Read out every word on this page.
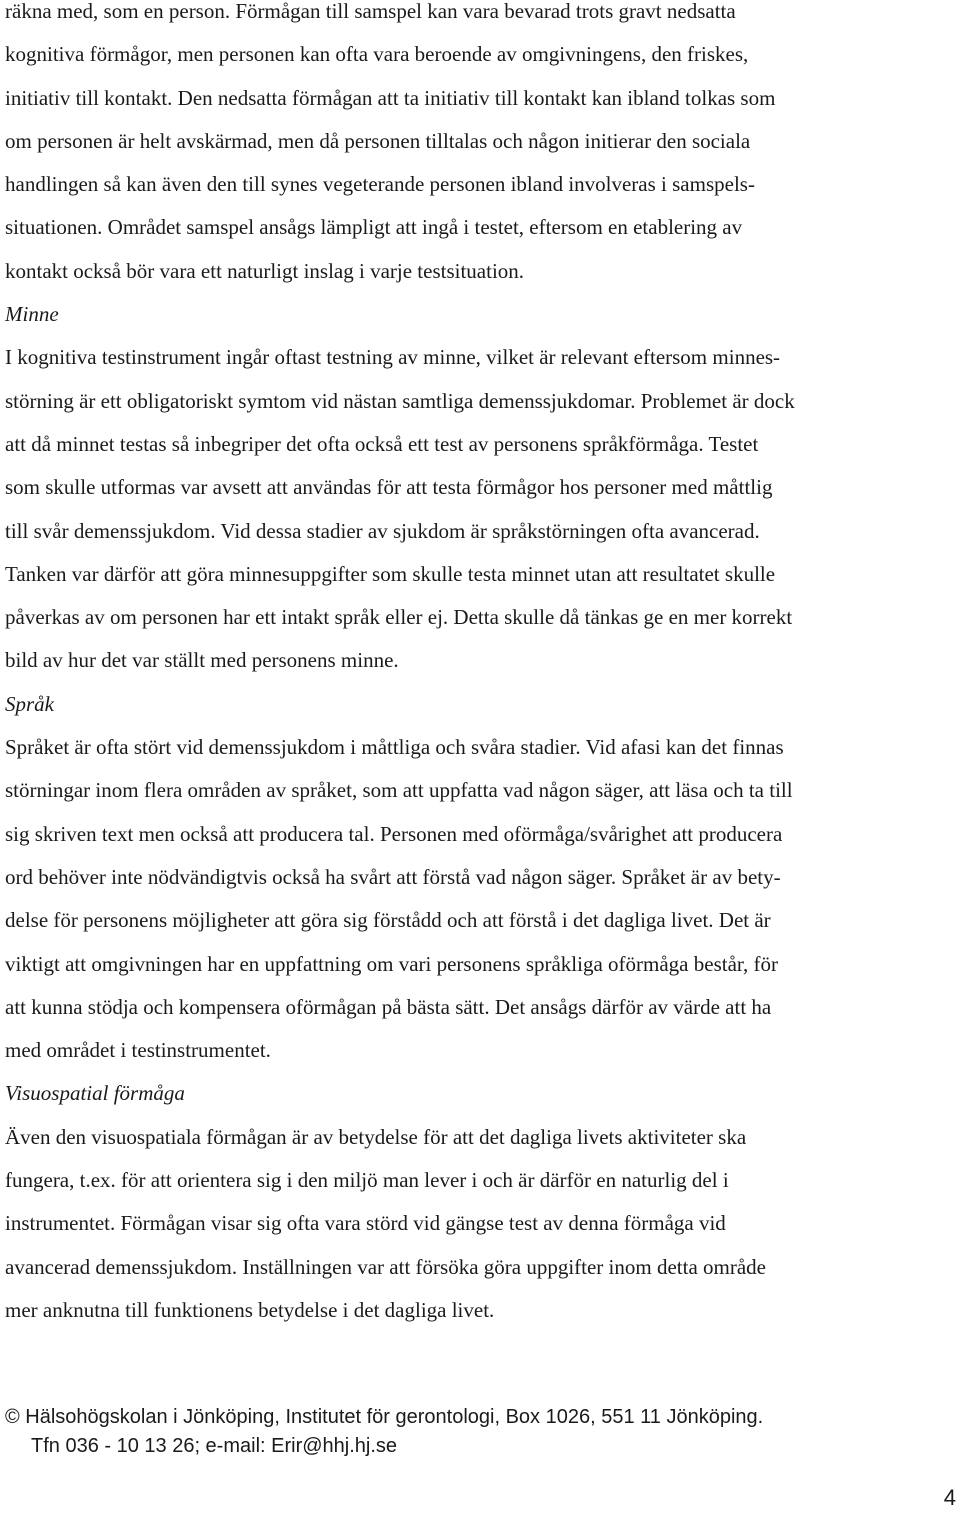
räkna med, som en person. Förmågan till samspel kan vara bevarad trots gravt nedsatta
kognitiva förmågor, men personen kan ofta vara beroende av omgivningens, den friskes,
initiativ till kontakt. Den nedsatta förmågan att ta initiativ till kontakt kan ibland tolkas som
om personen är helt avskärmad, men då personen tilltalas och någon initierar den sociala
handlingen så kan även den till synes vegeterande personen ibland involveras i samspels-
situationen. Området samspel ansågs lämpligt att ingå i testet, eftersom en etablering av
kontakt också bör vara ett naturligt inslag i varje testsituation.
Minne
I kognitiva testinstrument ingår oftast testning av minne, vilket är relevant eftersom minnes-
störning är ett obligatoriskt symtom vid nästan samtliga demenssjukdomar. Problemet är dock
att då minnet testas så inbegriper det ofta också ett test av personens språkförmåga. Testet
som skulle utformas var avsett att användas för att testa förmågor hos personer med måttlig
till svår demenssjukdom. Vid dessa stadier av sjukdom är språkstörningen ofta avancerad.
Tanken var därför att göra minnesuppgifter som skulle testa minnet utan att resultatet skulle
påverkas av om personen har ett intakt språk eller ej. Detta skulle då tänkas ge en mer korrekt
bild av hur det var ställt med personens minne.
Språk
Språket är ofta stört vid demenssjukdom i måttliga och svåra stadier. Vid afasi kan det finnas
störningar inom flera områden av språket, som att uppfatta vad någon säger, att läsa och ta till
sig skriven text men också att producera tal. Personen med oförmåga/svårighet att producera
ord behöver inte nödvändigtvis också ha svårt att förstå vad någon säger. Språket är av bety-
delse för personens möjligheter att göra sig förstådd och att förstå i det dagliga livet. Det är
viktigt att omgivningen har en uppfattning om vari personens språkliga oförmåga består, för
att kunna stödja och kompensera oförmågan på bästa sätt. Det ansågs därför av värde att ha
med området i testinstrumentet.
Visuospatial förmåga
Även den visuospatiala förmågan är av betydelse för att det dagliga livets aktiviteter ska
fungera, t.ex. för att orientera sig i den miljö man lever i och är därför en naturlig del i
instrumentet. Förmågan visar sig ofta vara störd vid gängse test av denna förmåga vid
avancerad demenssjukdom. Inställningen var att försöka göra uppgifter inom detta område
mer anknutna till funktionens betydelse i det dagliga livet.
© Hälsohögskolan i Jönköping, Institutet för gerontologi, Box 1026, 551 11 Jönköping.
Tfn 036 - 10 13 26; e-mail: Erir@hhj.hj.se
4
